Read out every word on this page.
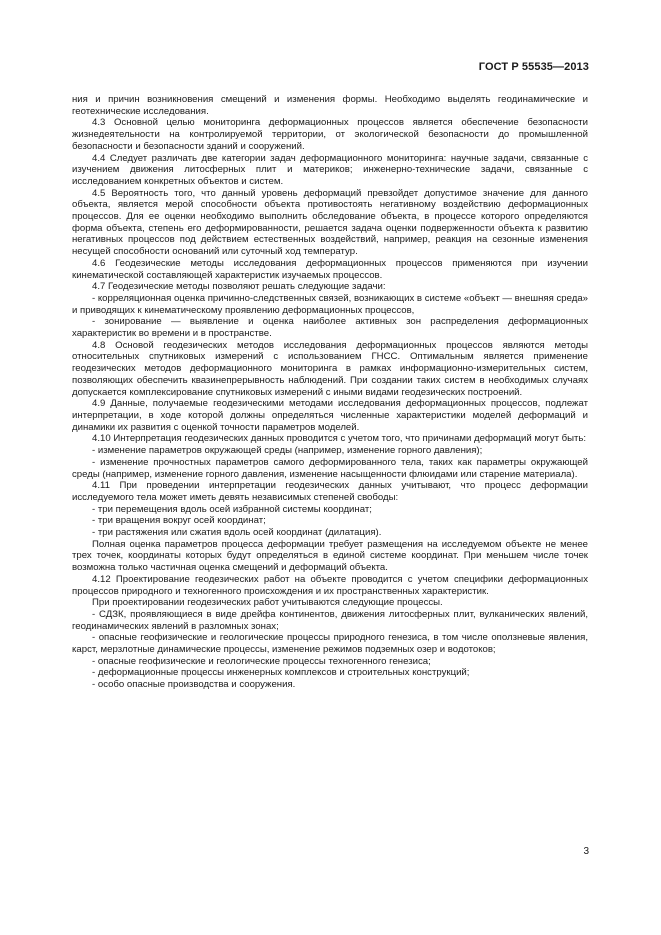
ГОСТ Р 55535—2013

ния и причин возникновения смещений и изменения формы. Необходимо выделять геодинамические и геотехнические исследования.

4.3 Основной целью мониторинга деформационных процессов является обеспечение безопасности жизнедеятельности на контролируемой территории, от экологической безопасности до промышленной безопасности и безопасности зданий и сооружений.

4.4 Следует различать две категории задач деформационного мониторинга: научные задачи, связанные с изучением движения литосферных плит и материков; инженерно-технические задачи, связанные с исследованием конкретных объектов и систем.

4.5 Вероятность того, что данный уровень деформаций превзойдет допустимое значение для данного объекта, является мерой способности объекта противостоять негативному воздействию деформационных процессов. Для ее оценки необходимо выполнить обследование объекта, в процессе которого определяются форма объекта, степень его деформированности, решается задача оценки подверженности объекта к развитию негативных процессов под действием естественных воздействий, например, реакция на сезонные изменения несущей способности оснований или суточный ход температур.

4.6 Геодезические методы исследования деформационных процессов применяются при изучении кинематической составляющей характеристик изучаемых процессов.

4.7 Геодезические методы позволяют решать следующие задачи:

- корреляционная оценка причинно-следственных связей, возникающих в системе «объект — внешняя среда» и приводящих к кинематическому проявлению деформационных процессов,

- зонирование — выявление и оценка наиболее активных зон распределения деформационных характеристик во времени и в пространстве.

4.8 Основой геодезических методов исследования деформационных процессов являются методы относительных спутниковых измерений с использованием ГНСС. Оптимальным является применение геодезических методов деформационного мониторинга в рамках информационно-измерительных систем, позволяющих обеспечить квазинепрерывность наблюдений. При создании таких систем в необходимых случаях допускается комплексирование спутниковых измерений с иными видами геодезических построений.

4.9 Данные, получаемые геодезическими методами исследования деформационных процессов, подлежат интерпретации, в ходе которой должны определяться численные характеристики моделей деформаций и динамики их развития с оценкой точности параметров моделей.

4.10 Интерпретация геодезических данных проводится с учетом того, что причинами деформаций могут быть:

- изменение параметров окружающей среды (например, изменение горного давления);

- изменение прочностных параметров самого деформированного тела, таких как параметры окружающей среды (например, изменение горного давления, изменение насыщенности флюидами или старение материала).

4.11 При проведении интерпретации геодезических данных учитывают, что процесс деформации исследуемого тела может иметь девять независимых степеней свободы:

- три перемещения вдоль осей избранной системы координат;

- три вращения вокруг осей координат;

- три растяжения или сжатия вдоль осей координат (дилатация).

Полная оценка параметров процесса деформации требует размещения на исследуемом объекте не менее трех точек, координаты которых будут определяться в единой системе координат. При меньшем числе точек возможна только частичная оценка смещений и деформаций объекта.

4.12 Проектирование геодезических работ на объекте проводится с учетом специфики деформационных процессов природного и техногенного происхождения и их пространственных характеристик.

При проектировании геодезических работ учитываются следующие процессы.

- СДЗК, проявляющиеся в виде дрейфа континентов, движения литосферных плит, вулканических явлений, геодинамических явлений в разломных зонах;

- опасные геофизические и геологические процессы природного генезиса, в том числе оползневые явления, карст, мерзлотные динамические процессы, изменение режимов подземных озер и водотоков;

- опасные геофизические и геологические процессы техногенного генезиса;

- деформационные процессы инженерных комплексов и строительных конструкций;

- особо опасные производства и сооружения.

3
